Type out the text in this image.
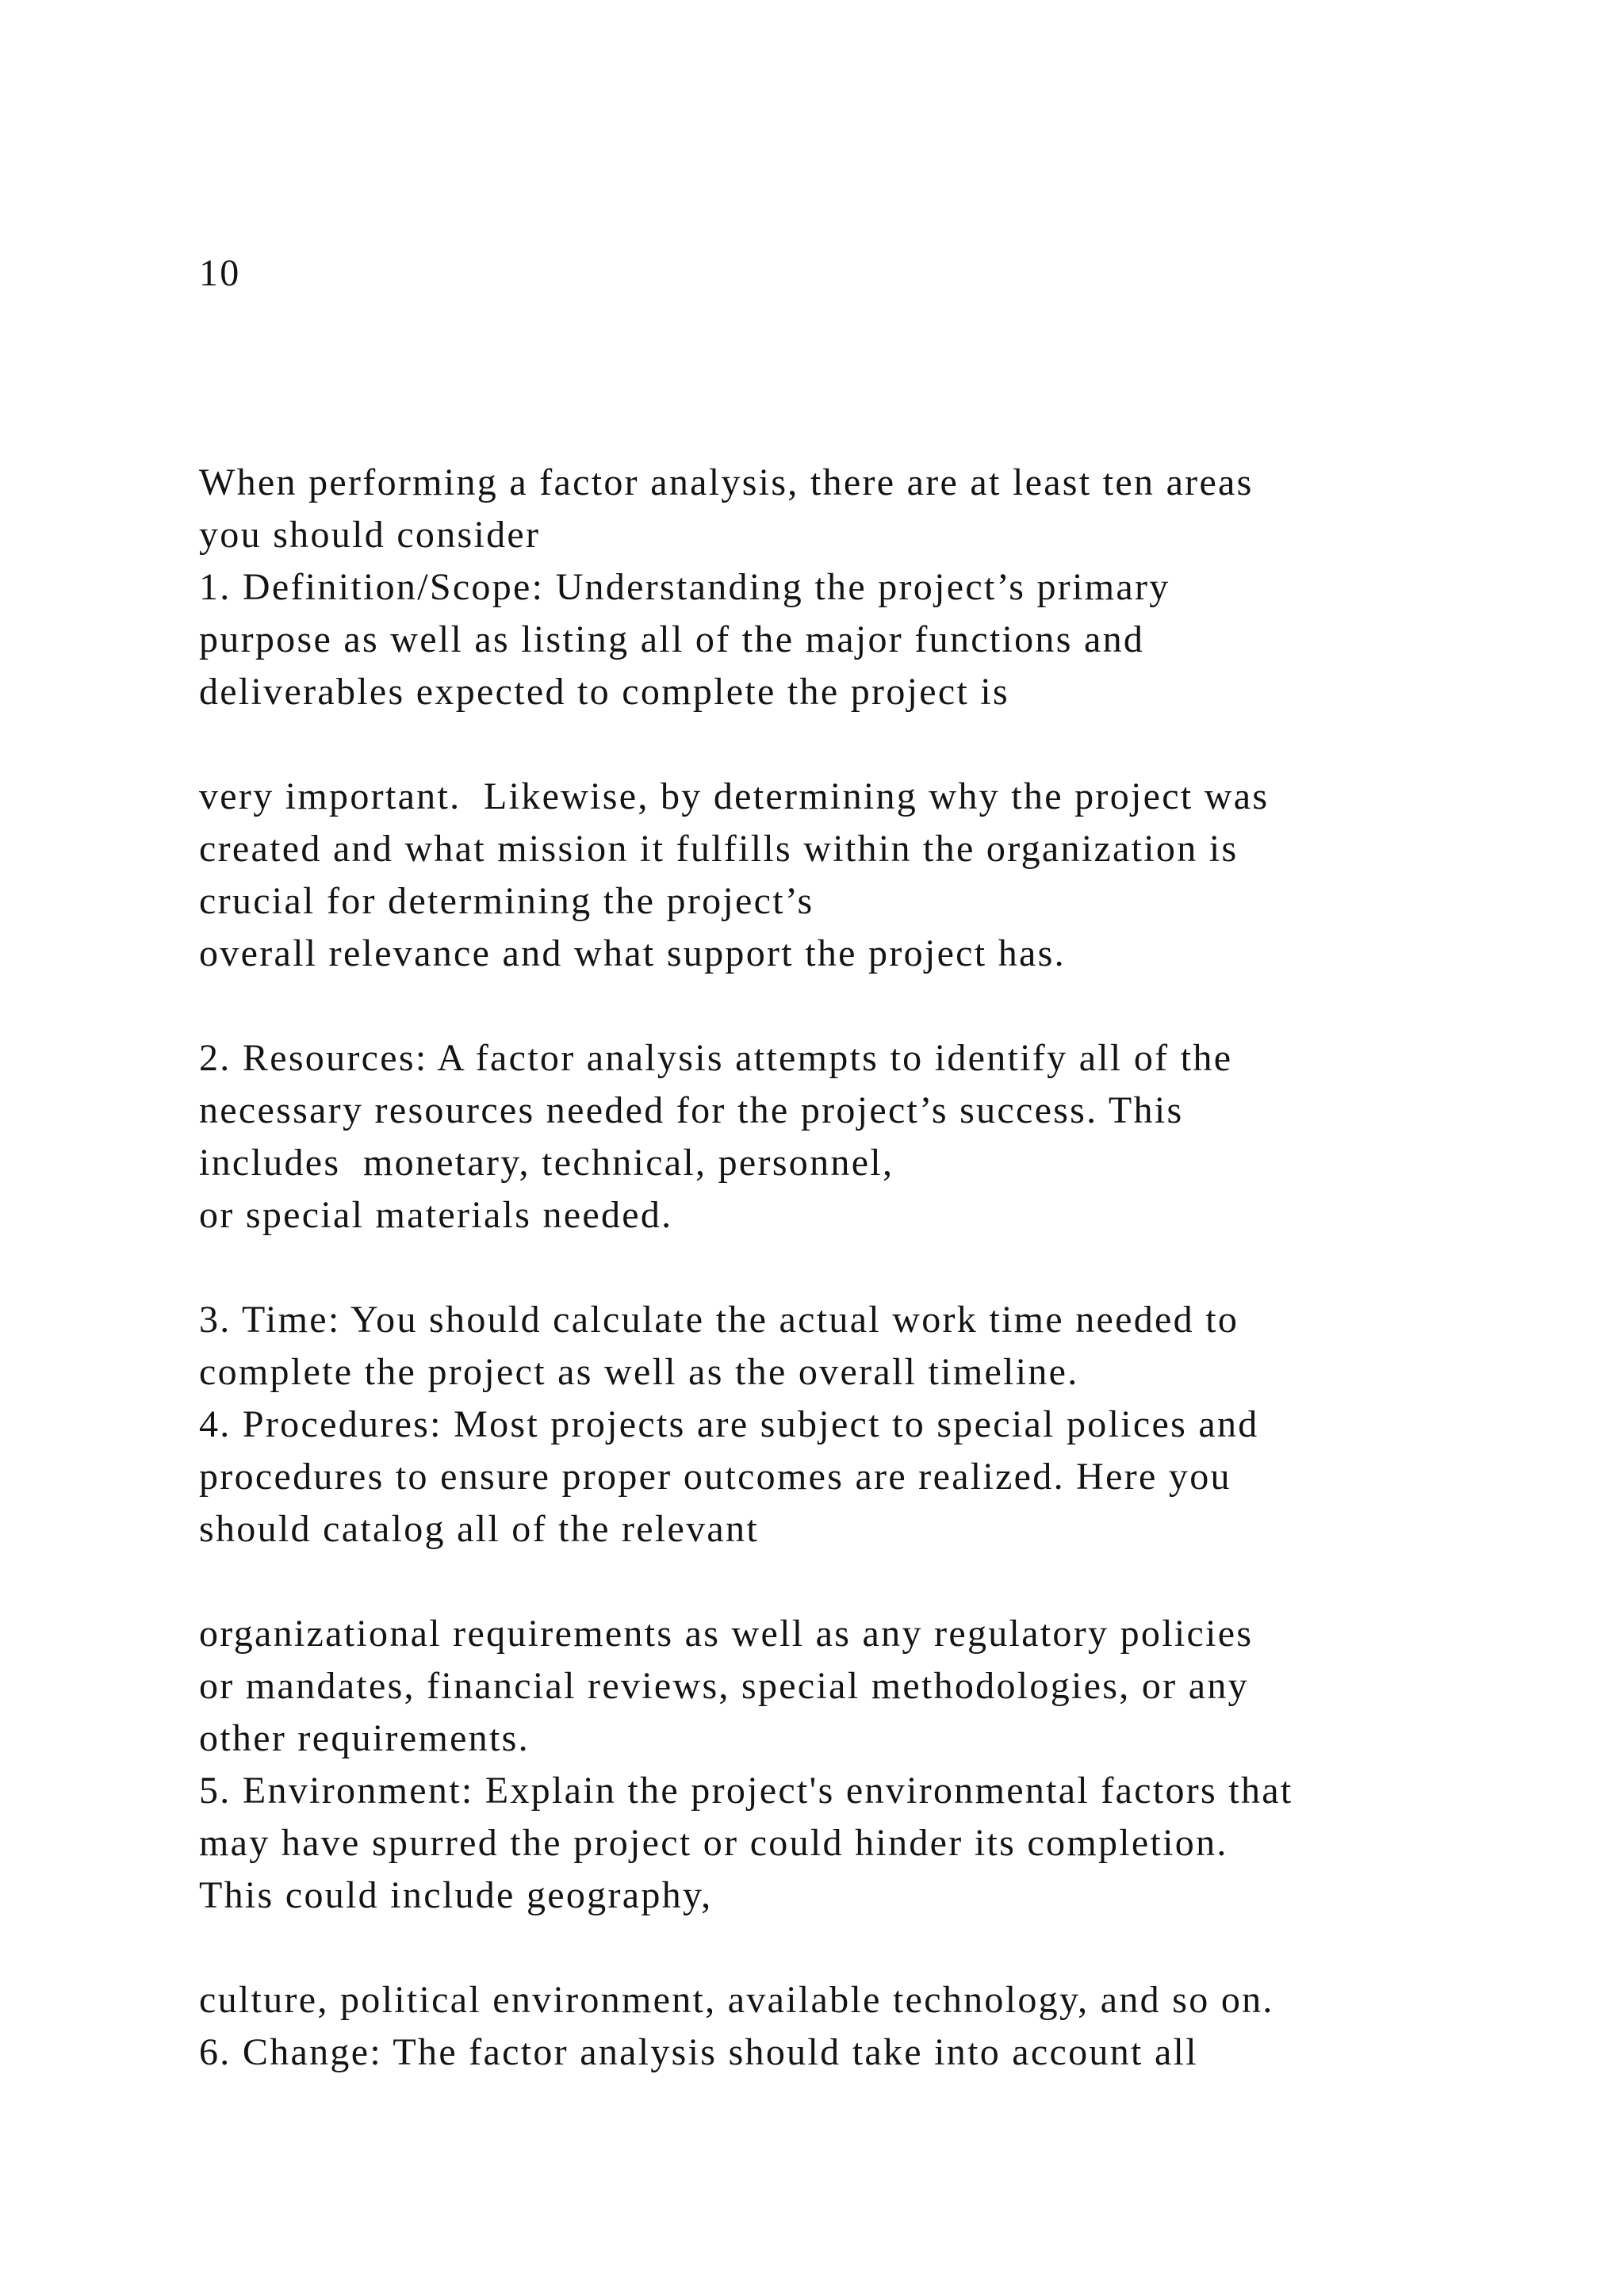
10
When performing a factor analysis, there are at least ten areas
you should consider
1. Definition/Scope: Understanding the project’s primary
purpose as well as listing all of the major functions and
deliverables expected to complete the project is
very important.  Likewise, by determining why the project was
created and what mission it fulfills within the organization is
crucial for determining the project’s
overall relevance and what support the project has.
2. Resources: A factor analysis attempts to identify all of the
necessary resources needed for the project’s success. This
includes  monetary, technical, personnel,
or special materials needed.
3. Time: You should calculate the actual work time needed to
complete the project as well as the overall timeline.
4. Procedures: Most projects are subject to special polices and
procedures to ensure proper outcomes are realized. Here you
should catalog all of the relevant
organizational requirements as well as any regulatory policies
or mandates, financial reviews, special methodologies, or any
other requirements.
5. Environment: Explain the project's environmental factors that
may have spurred the project or could hinder its completion.
This could include geography,
culture, political environment, available technology, and so on.
6. Change: The factor analysis should take into account all
